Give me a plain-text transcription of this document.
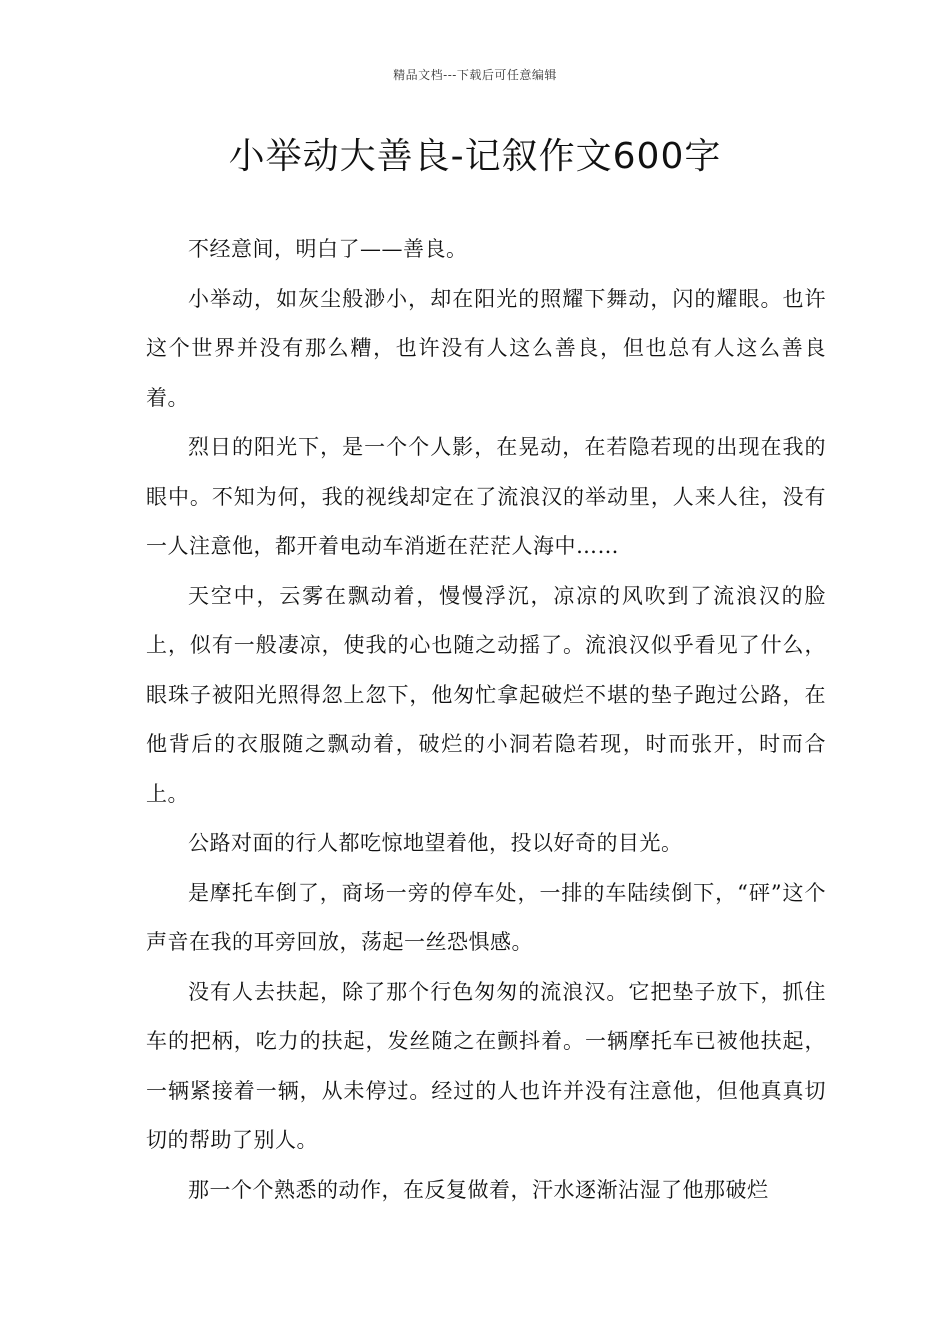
精品文档---下载后可任意编辑
小举动大善良-记叙作文600字

不经意间，明白了——善良。

小举动，如灰尘般渺小，却在阳光的照耀下舞动，闪的耀眼。也许这个世界并没有那么糟，也许没有人这么善良，但也总有人这么善良着。

烈日的阳光下，是一个个人影，在晃动，在若隐若现的出现在我的眼中。不知为何，我的视线却定在了流浪汉的举动里，人来人往，没有一人注意他，都开着电动车消逝在茫茫人海中……

天空中，云雾在飘动着，慢慢浮沉，凉凉的风吹到了流浪汉的脸上，似有一般凄凉，使我的心也随之动摇了。流浪汉似乎看见了什么，眼珠子被阳光照得忽上忽下，他匆忙拿起破烂不堪的垫子跑过公路，在他背后的衣服随之飘动着，破烂的小洞若隐若现，时而张开，时而合上。

公路对面的行人都吃惊地望着他，投以好奇的目光。

是摩托车倒了，商场一旁的停车处，一排的车陆续倒下，“砰”这个声音在我的耳旁回放，荡起一丝恐惧感。

没有人去扶起，除了那个行色匆匆的流浪汉。它把垫子放下，抓住车的把柄，吃力的扶起，发丝随之在颤抖着。一辆摩托车已被他扶起，一辆紧接着一辆，从未停过。经过的人也许并没有注意他，但他真真切切的帮助了别人。

那一个个熟悉的动作，在反复做着，汗水逐渐沾湿了他那破烂
